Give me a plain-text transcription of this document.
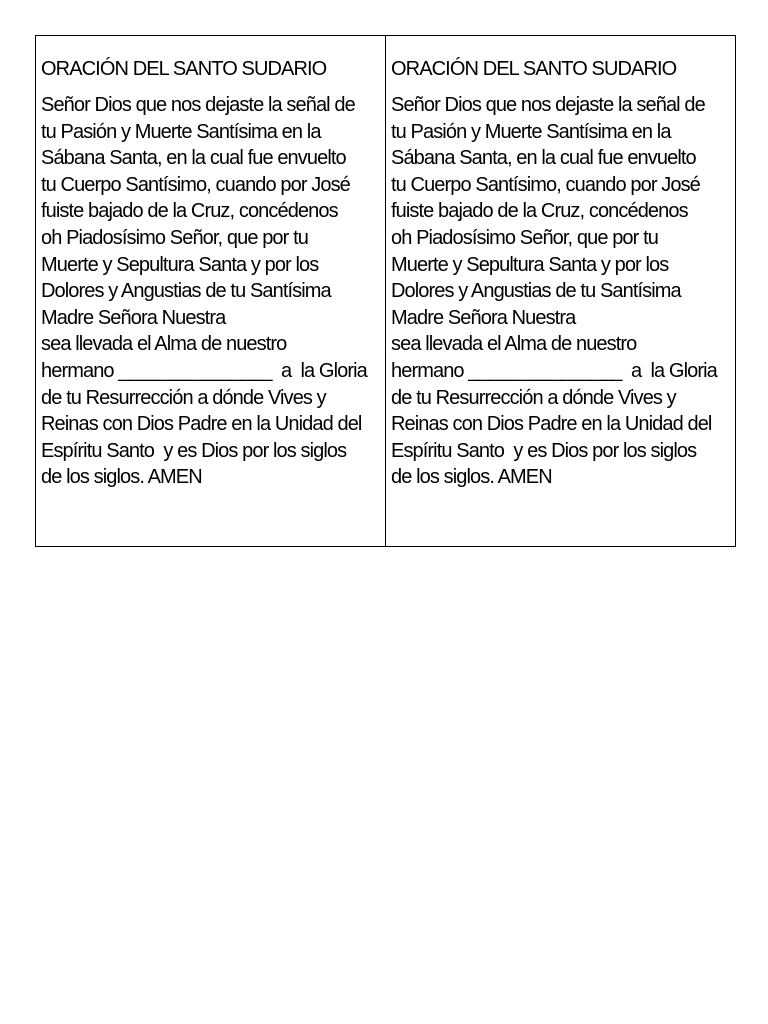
ORACIÓN DEL SANTO SUDARIO
Señor Dios que nos dejaste la señal de
tu Pasión y Muerte Santísima en la
Sábana Santa, en la cual fue envuelto
tu Cuerpo Santísimo, cuando por José
fuiste bajado de la Cruz, concédenos
oh Piadosísimo Señor, que por tu
Muerte y Sepultura Santa y por los
Dolores y Angustias de tu Santísima
Madre Señora Nuestra
sea llevada el Alma de nuestro
hermano _______________  a  la Gloria
de tu Resurrección a dónde Vives y
Reinas con Dios Padre en la Unidad del
Espíritu Santo  y es Dios por los siglos
de los siglos. AMEN
ORACIÓN DEL SANTO SUDARIO
Señor Dios que nos dejaste la señal de
tu Pasión y Muerte Santísima en la
Sábana Santa, en la cual fue envuelto
tu Cuerpo Santísimo, cuando por José
fuiste bajado de la Cruz, concédenos
oh Piadosísimo Señor, que por tu
Muerte y Sepultura Santa y por los
Dolores y Angustias de tu Santísima
Madre Señora Nuestra
sea llevada el Alma de nuestro
hermano _______________  a  la Gloria
de tu Resurrección a dónde Vives y
Reinas con Dios Padre en la Unidad del
Espíritu Santo  y es Dios por los siglos
de los siglos. AMEN
